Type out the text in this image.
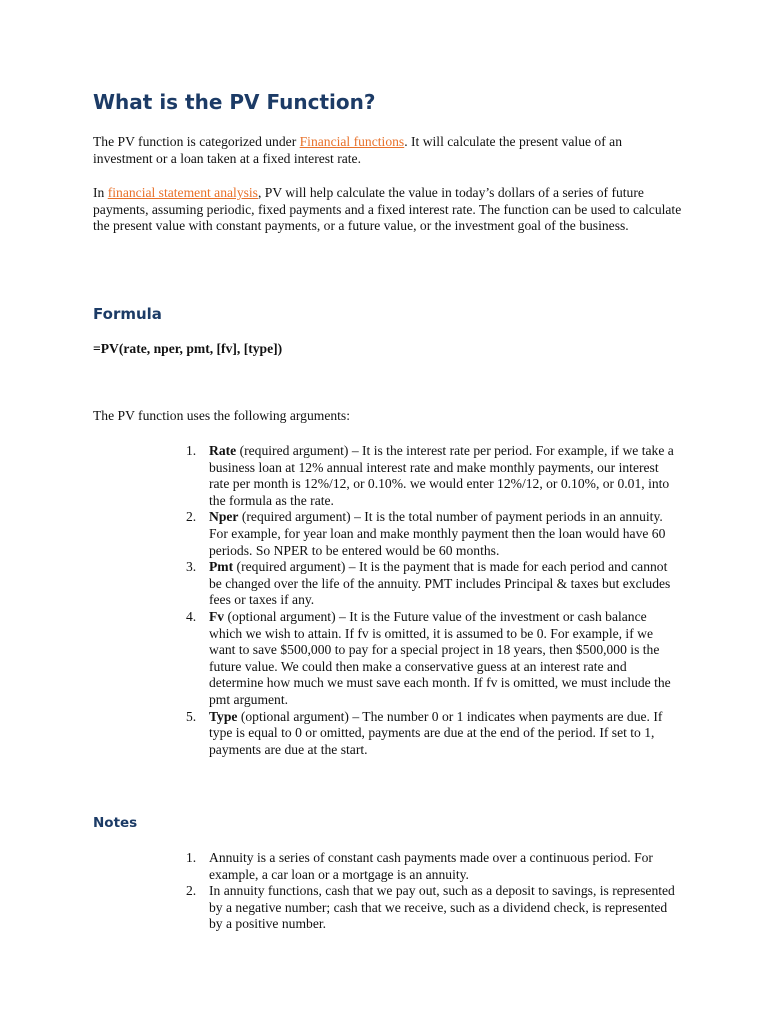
What is the PV Function?

The PV function is categorized under Financial functions. It will calculate the present value of an investment or a loan taken at a fixed interest rate.

In financial statement analysis, PV will help calculate the value in today’s dollars of a series of future payments, assuming periodic, fixed payments and a fixed interest rate. The function can be used to calculate the present value with constant payments, or a future value, or the investment goal of the business.

Formula

=PV(rate, nper, pmt, [fv], [type])

The PV function uses the following arguments:

1. Rate (required argument) – It is the interest rate per period. For example, if we take a business loan at 12% annual interest rate and make monthly payments, our interest rate per month is 12%/12, or 0.10%. we would enter 12%/12, or 0.10%, or 0.01, into the formula as the rate.
2. Nper (required argument) – It is the total number of payment periods in an annuity. For example, for year loan and make monthly payment then the loan would have 60 periods. So NPER to be entered would be 60 months.
3. Pmt (required argument) – It is the payment that is made for each period and cannot be changed over the life of the annuity. PMT includes Principal & taxes but excludes fees or taxes if any.
4. Fv (optional argument) – It is the Future value of the investment or cash balance which we wish to attain. If fv is omitted, it is assumed to be 0. For example, if we want to save $500,000 to pay for a special project in 18 years, then $500,000 is the future value. We could then make a conservative guess at an interest rate and determine how much we must save each month. If fv is omitted, we must include the pmt argument.
5. Type (optional argument) – The number 0 or 1 indicates when payments are due. If type is equal to 0 or omitted, payments are due at the end of the period. If set to 1, payments are due at the start.
Notes
1. Annuity is a series of constant cash payments made over a continuous period. For example, a car loan or a mortgage is an annuity.
2. In annuity functions, cash that we pay out, such as a deposit to savings, is represented by a negative number; cash that we receive, such as a dividend check, is represented by a positive number.
